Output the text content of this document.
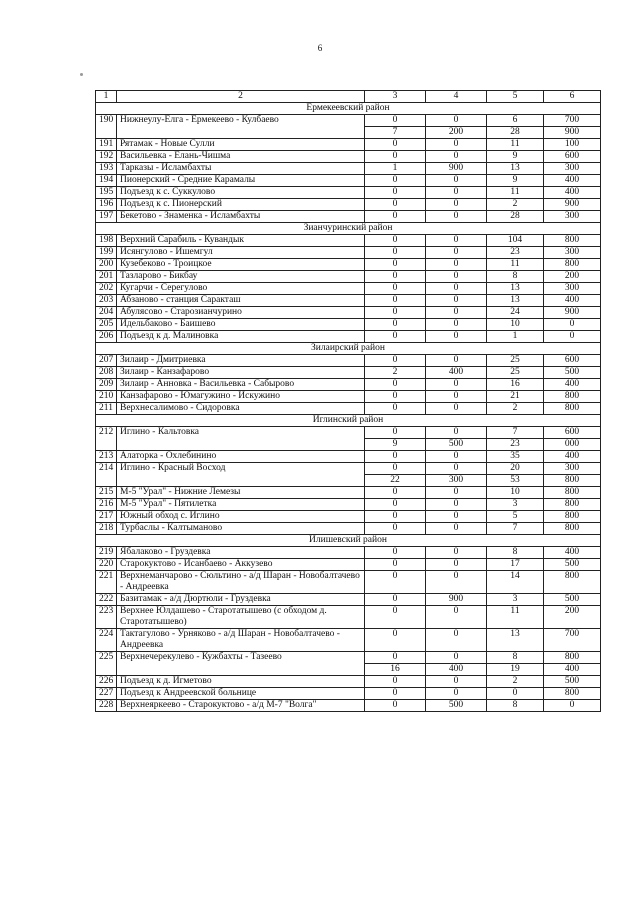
6
1	2	3	4	5	6
Ермекеевский район					
190	Нижнеулу-Елга - Ермекеево - Кулбаево	0	0	6	700
		7	200	28	900
191	Рятамак - Новые Сулли	0	0	11	100
192	Васильевка - Елань-Чишма	0	0	9	600
193	Тарказы - Исламбахты	1	900	13	300
194	Пионерский - Средние Карамалы	0	0	9	400
195	Подъезд к с. Суккулово	0	0	11	400
196	Подъезд к с. Пионерский	0	0	2	900
197	Бекетово - Знаменка - Исламбахты	0	0	28	300
Зианчуринский район					
198	Верхний Сарабиль - Кувандык	0	0	104	800
199	Исянгулово - Ишемгул	0	0	23	300
200	Кузебеково - Троицкое	0	0	11	800
201	Тазларово - Бикбау	0	0	8	200
202	Кугарчи - Серегулово	0	0	13	300
203	Абзаново - станция Саракташ	0	0	13	400
204	Абулясово - Старозианчурино	0	0	24	900
205	Идельбаково - Баишево	0	0	10	0
206	Подъезд к д. Малиновка	0	0	1	0
Зилаирский район					
207	Зилаир - Дмитриевка	0	0	25	600
208	Зилаир - Канзафарово	2	400	25	500
209	Зилаир - Анновка - Васильевка - Сабырово	0	0	16	400
210	Канзафарово - Юмагужино - Искужино	0	0	21	800
211	Верхнесалимово - Сидоровка	0	0	2	800
Иглинский район					
212	Иглино - Кальтовка	0	0	7	600
		9	500	23	000
213	Алаторка - Охлебинино	0	0	35	400
214	Иглино - Красный Восход	0	0	20	300
		22	300	53	800
215	М-5 "Урал" - Нижние Лемезы	0	0	10	800
216	М-5 "Урал" - Пятилетка	0	0	3	800
217	Южный обход с. Иглино	0	0	5	800
218	Турбаслы - Калтыманово	0	0	7	800
Илишевский район					
219	Ябалаково - Груздевка	0	0	8	400
220	Старокуктово - Исанбаево - Аккузево	0	0	17	500
221	Верхнеманчарово - Сюльтино - а/д Шаран - Новобалтачево - Андреевка	0	0	14	800
222	Базитамак - а/д Дюртюли - Груздевка	0	900	3	500
223	Верхнее Юлдашево - Старотатышево (с обходом д. Старотатышево)	0	0	11	200
224	Тактагулово - Урняково - а/д Шаран - Новобалтачево - Андреевка	0	0	13	700
225	Верхнечерекулево - Кужбахты - Тазеево	0	0	8	800
		16	400	19	400
226	Подъезд к д. Игметово	0	0	2	500
227	Подъезд к Андреевской больнице	0	0	0	800
228	Верхнеяркеево - Старокуктово - а/д М-7 "Волга"	0	500	8	0
